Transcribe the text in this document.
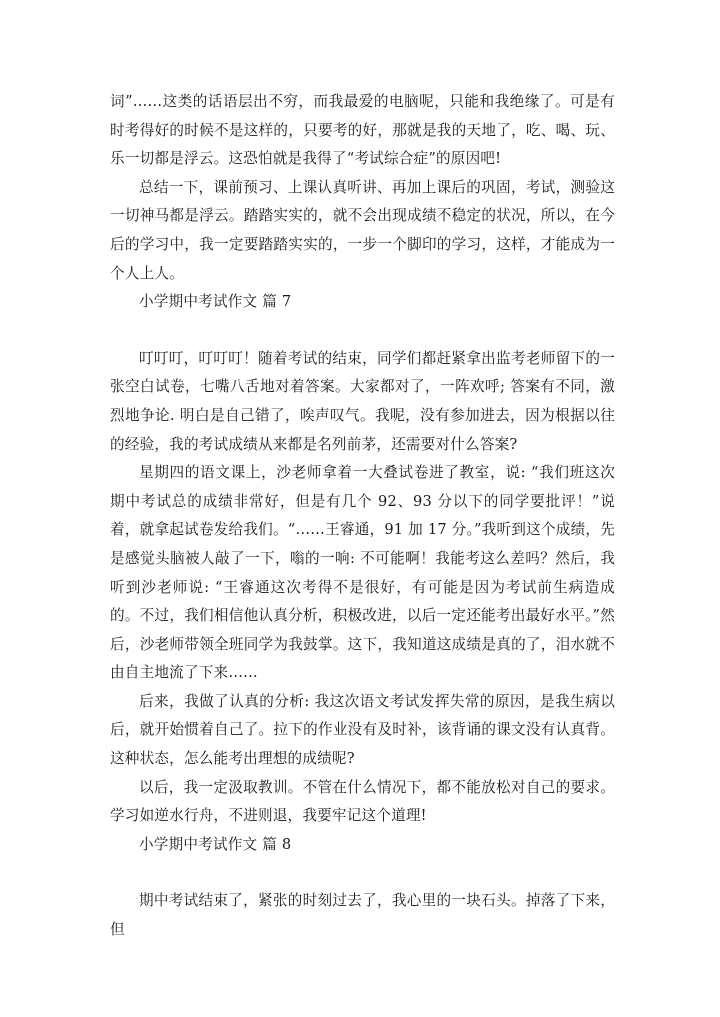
词”……这类的话语层出不穷，而我最爱的电脑呢，只能和我绝缘了。可是有时考得好的时候不是这样的，只要考的好，那就是我的天地了，吃、喝、玩、乐一切都是浮云。这恐怕就是我得了“考试综合症”的原因吧!

总结一下，课前预习、上课认真听讲、再加上课后的巩固，考试，测验这一切神马都是浮云。踏踏实实的，就不会出现成绩不稳定的状况，所以，在今后的学习中，我一定要踏踏实实的，一步一个脚印的学习，这样，才能成为一个人上人。

小学期中考试作文 篇 7

叮叮叮，叮叮叮！随着考试的结束，同学们都赶紧拿出监考老师留下的一张空白试卷，七嘴八舌地对着答案。大家都对了，一阵欢呼; 答案有不同，激烈地争论. 明白是自己错了，唉声叹气。我呢，没有参加进去，因为根据以往的经验，我的考试成绩从来都是名列前茅，还需要对什么答案?

星期四的语文课上，沙老师拿着一大叠试卷进了教室，说: “我们班这次期中考试总的成绩非常好，但是有几个 92、93 分以下的同学要批评！”说着，就拿起试卷发给我们。“……王睿通，91 加 17 分。”我听到这个成绩，先是感觉头脑被人敲了一下，嗡的一响: 不可能啊！我能考这么差吗？然后，我听到沙老师说: “王睿通这次考得不是很好，有可能是因为考试前生病造成的。不过，我们相信他认真分析，积极改进，以后一定还能考出最好水平。”然后，沙老师带领全班同学为我鼓掌。这下，我知道这成绩是真的了，泪水就不由自主地流了下来……

后来，我做了认真的分析: 我这次语文考试发挥失常的原因，是我生病以后，就开始惯着自己了。拉下的作业没有及时补，该背诵的课文没有认真背。这种状态，怎么能考出理想的成绩呢?

以后，我一定汲取教训。不管在什么情况下，都不能放松对自己的要求。学习如逆水行舟，不进则退，我要牢记这个道理!

小学期中考试作文 篇 8

期中考试结束了，紧张的时刻过去了，我心里的一块石头。掉落了下来，但
